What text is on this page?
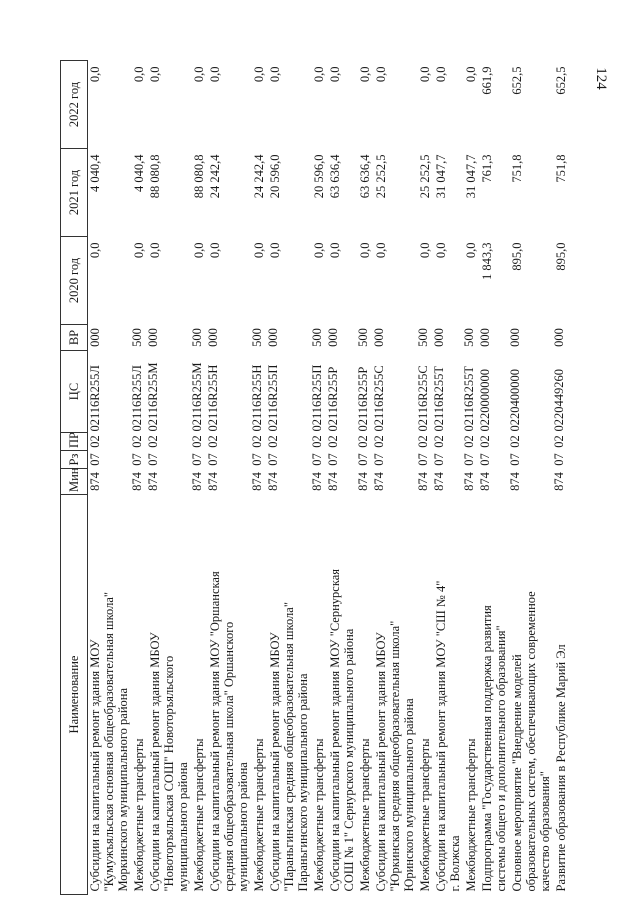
124
Наименование	Мин	Рз	ПР	ЦС	ВР	2020 год	2021 год	2022 год

Субсидии на капитальный ремонт здания МОУ "Кумужъяльская основная общеобразовательная школа" Моркинского муниципального района	874	07	02	02116R255Л	000	0,0	4 040,4	0,0

Межбюджетные трансферты	874	07	02	02116R255Л	500	0,0	4 040,4	0,0

Субсидии на капитальный ремонт здания МБОУ "Новоторъяльская СОШ" Новоторъяльского муниципального района	874	07	02	02116R255М	000	0,0	88 080,8	0,0

Межбюджетные трансферты	874	07	02	02116R255М	500	0,0	88 080,8	0,0

Субсидии на капитальный ремонт здания МОУ "Оршанская средняя общеобразовательная школа" Оршанского муниципального района	874	07	02	02116R255Н	000	0,0	24 242,4	0,0

Межбюджетные трансферты	874	07	02	02116R255Н	500	0,0	24 242,4	0,0

Субсидии на капитальный ремонт здания МБОУ "Параньгинская средняя общеобразовательная школа" Параньгинского муниципального района	874	07	02	02116R255П	000	0,0	20 596,0	0,0

Межбюджетные трансферты	874	07	02	02116R255П	500	0,0	20 596,0	0,0

Субсидии на капитальный ремонт здания МОУ "Сернурская СОШ № 1" Сернурского муниципального района	874	07	02	02116R255Р	000	0,0	63 636,4	0,0

Межбюджетные трансферты	874	07	02	02116R255Р	500	0,0	63 636,4	0,0

Субсидии на капитальный ремонт здания МБОУ "Юркинская средняя общеобразовательная школа" Юринского муниципального района	874	07	02	02116R255С	000	0,0	25 252,5	0,0

Межбюджетные трансферты	874	07	02	02116R255С	500	0,0	25 252,5	0,0

Субсидии на капитальный ремонт здания МОУ "СШ № 4" г. Волжска	874	07	02	02116R255Т	000	0,0	31 047,7	0,0

Межбюджетные трансферты	874	07	02	02116R255Т	500	0,0	31 047,7	0,0

Подпрограмма "Государственная поддержка развития системы общего и дополнительного образования"	874	07	02	0220000000	000	1 843,3	761,3	661,9

Основное мероприятие "Внедрение моделей образовательных систем, обеспечивающих современное качество образования"	874	07	02	0220400000	000	895,0	751,8	652,5

Развитие образования в Республике Марий Эл	874	07	02	0220449260	000	895,0	751,8	652,5
